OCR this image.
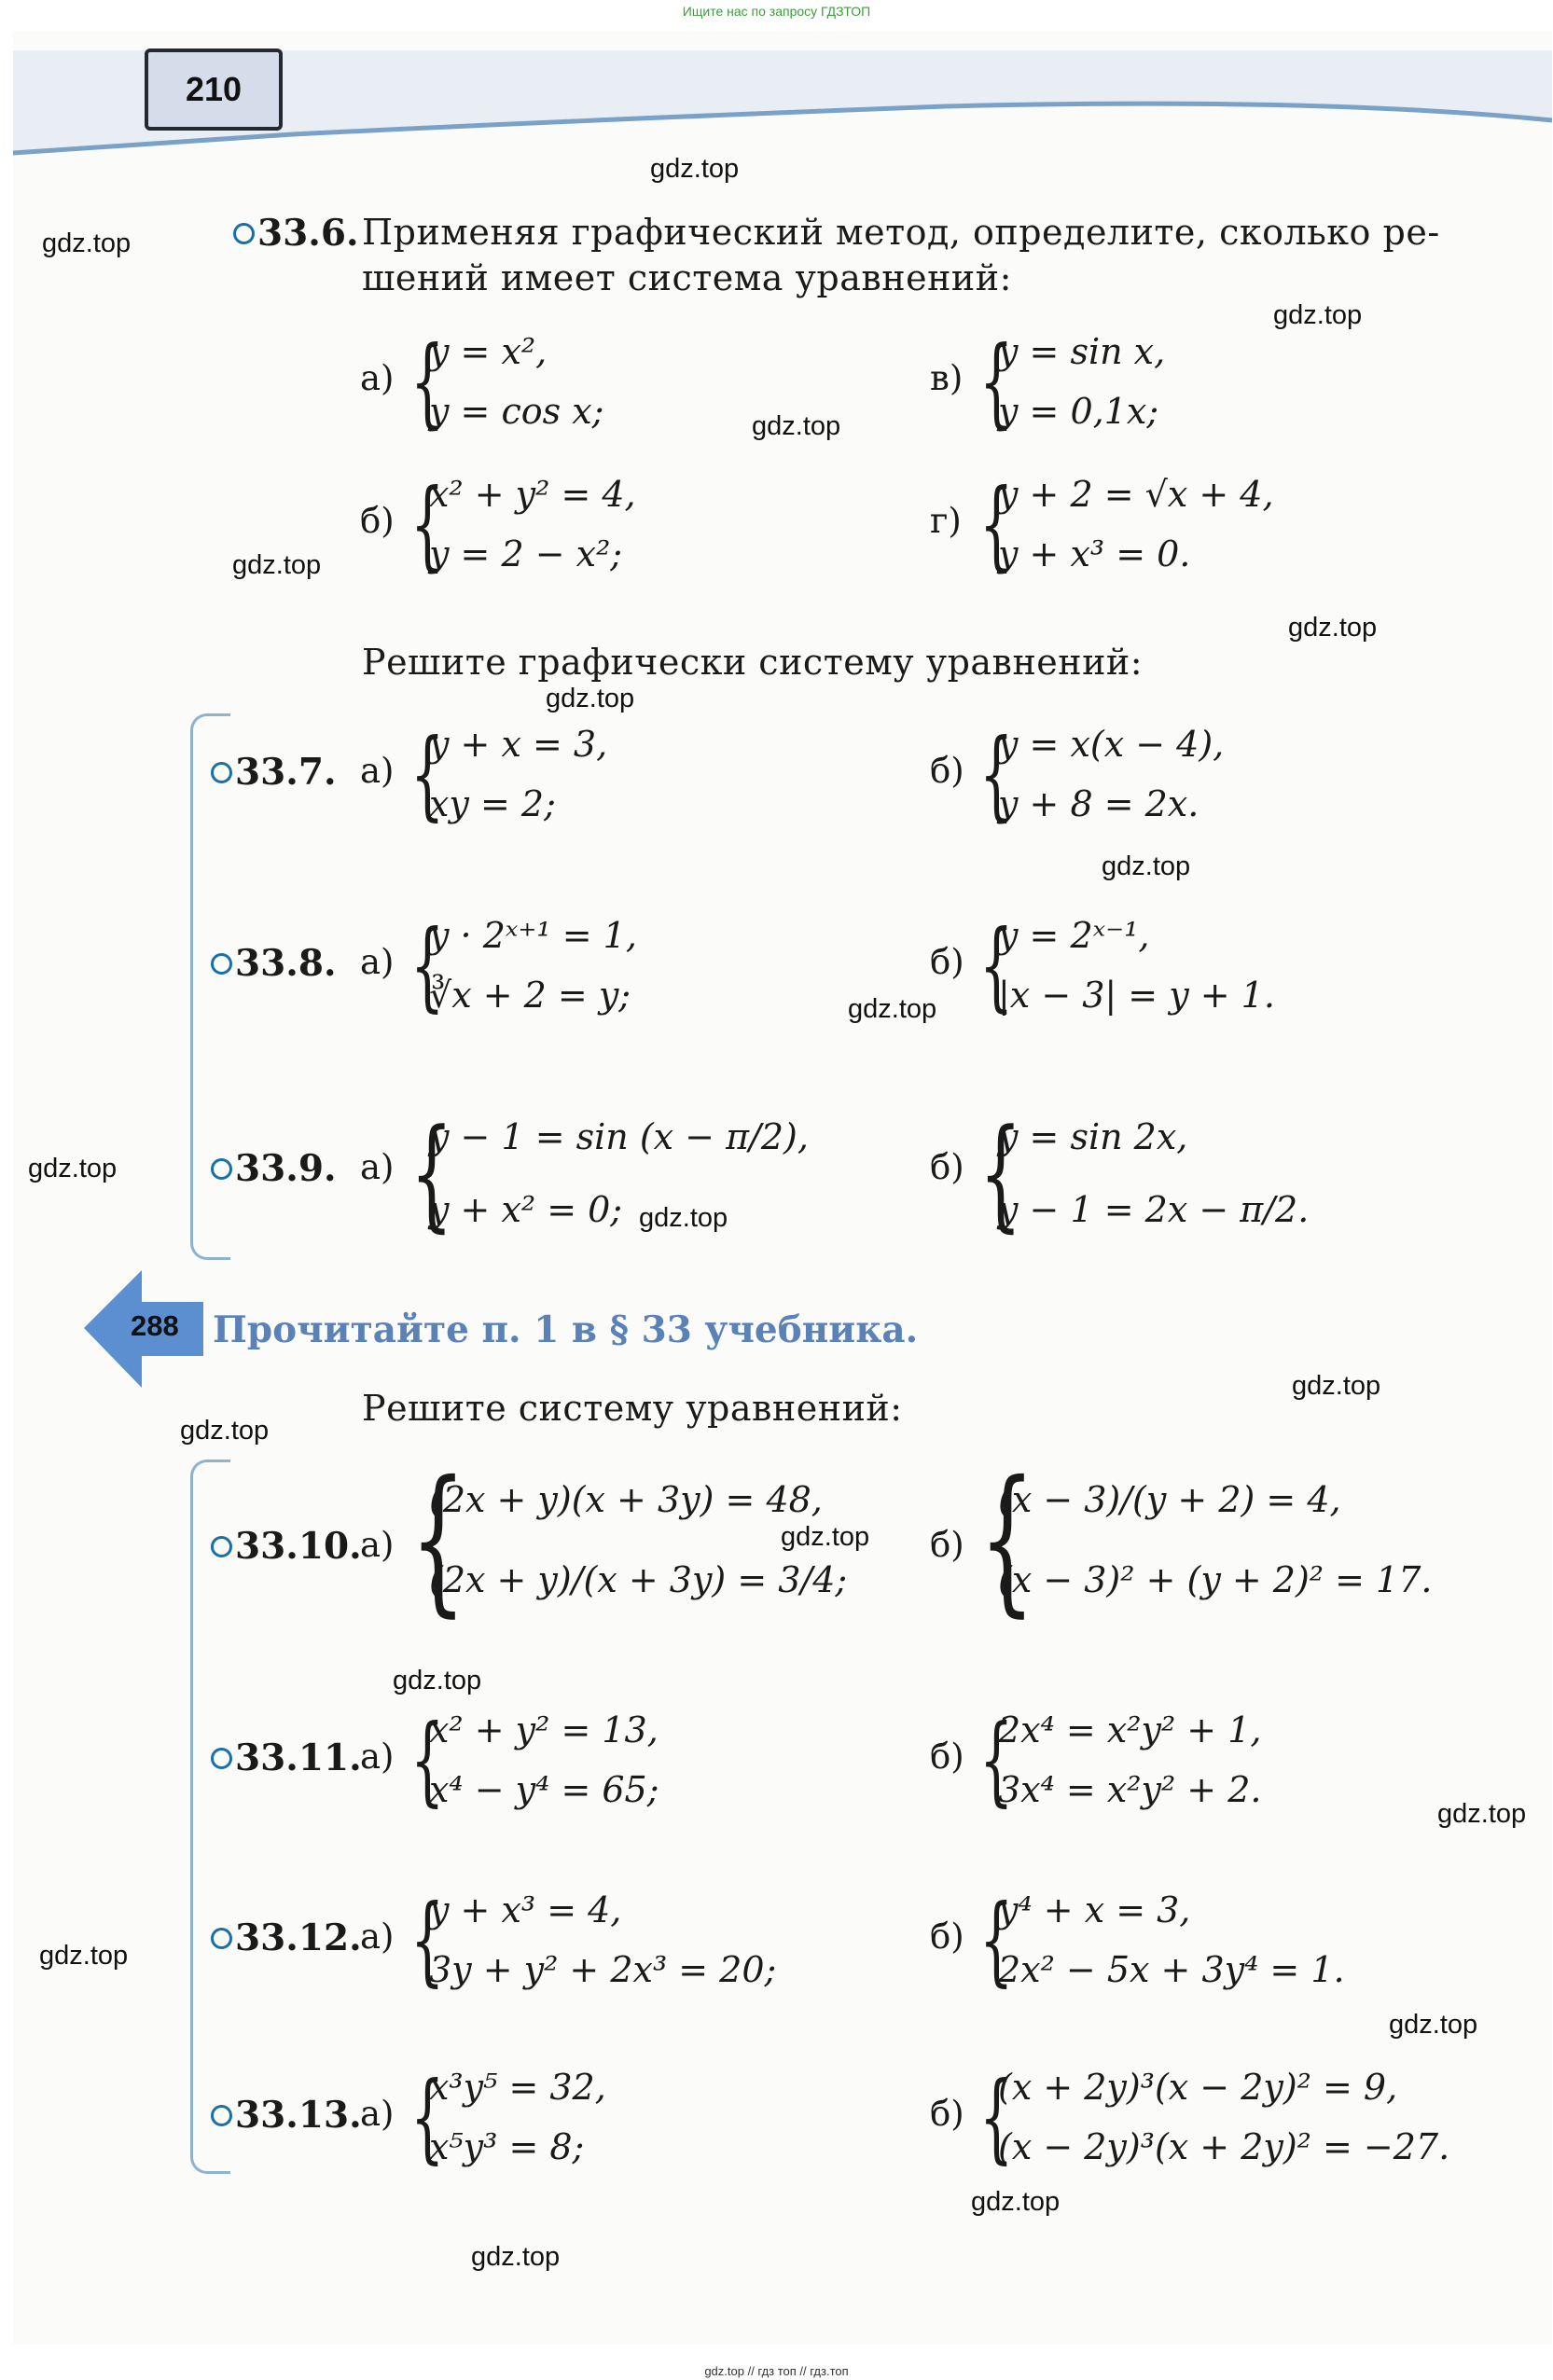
Ищите нас по запросу ГДЗТОП
210
33.6. Применяя графический метод, определите, сколько ре-
шений имеет система уравнений:
а) {
y = x²,
y = cos x;
в) {
y = sin x,
y = 0,1x;
б) {
x² + y² = 4,
y = 2 − x²;
г) {
y + 2 = √x + 4,
y + x³ = 0.
Решите графически систему уравнений:
33.7. а) {
y + x = 3,
xy = 2;
б) {
y = x(x − 4),
y + 8 = 2x.
33.8. а) {
y · 2ˣ⁺¹ = 1,
∛x + 2 = y;
б) {
y = 2ˣ⁻¹,
|x − 3| = y + 1.
33.9. а) {
y − 1 = sin (x − π/2),
y + x² = 0;
б) {
y = sin 2x,
y − 1 = 2x − π/2.
288 Прочитайте п. 1 в § 33 учебника.
Решите систему уравнений:
33.10.
а) {
(2x + y)(x + 3y) = 48,
(2x + y)/(x + 3y) = 3/4;
б) {
(x − 3)/(y + 2) = 4,
(x − 3)² + (y + 2)² = 17.
33.11.
а) {
x² + y² = 13,
x⁴ − y⁴ = 65;
б) {
2x⁴ = x²y² + 1,
3x⁴ = x²y² + 2.
33.12.
а) {
y + x³ = 4,
3y + y² + 2x³ = 20;
б) {
y⁴ + x = 3,
2x² − 5x + 3y⁴ = 1.
33.13.
а) {
x³y⁵ = 32,
x⁵y³ = 8;
б) {
(x + 2y)³(x − 2y)² = 9,
(x − 2y)³(x + 2y)² = −27.
gdz.top
gdz.top
gdz.top
gdz.top
gdz.top
gdz.top
gdz.top
gdz.top
gdz.top
gdz.top
gdz.top
gdz.top
gdz.top
gdz.top
gdz.top
gdz.top
gdz.top
gdz.top
gdz.top
gdz.top
gdz.top // гдз топ // гдз.топ
